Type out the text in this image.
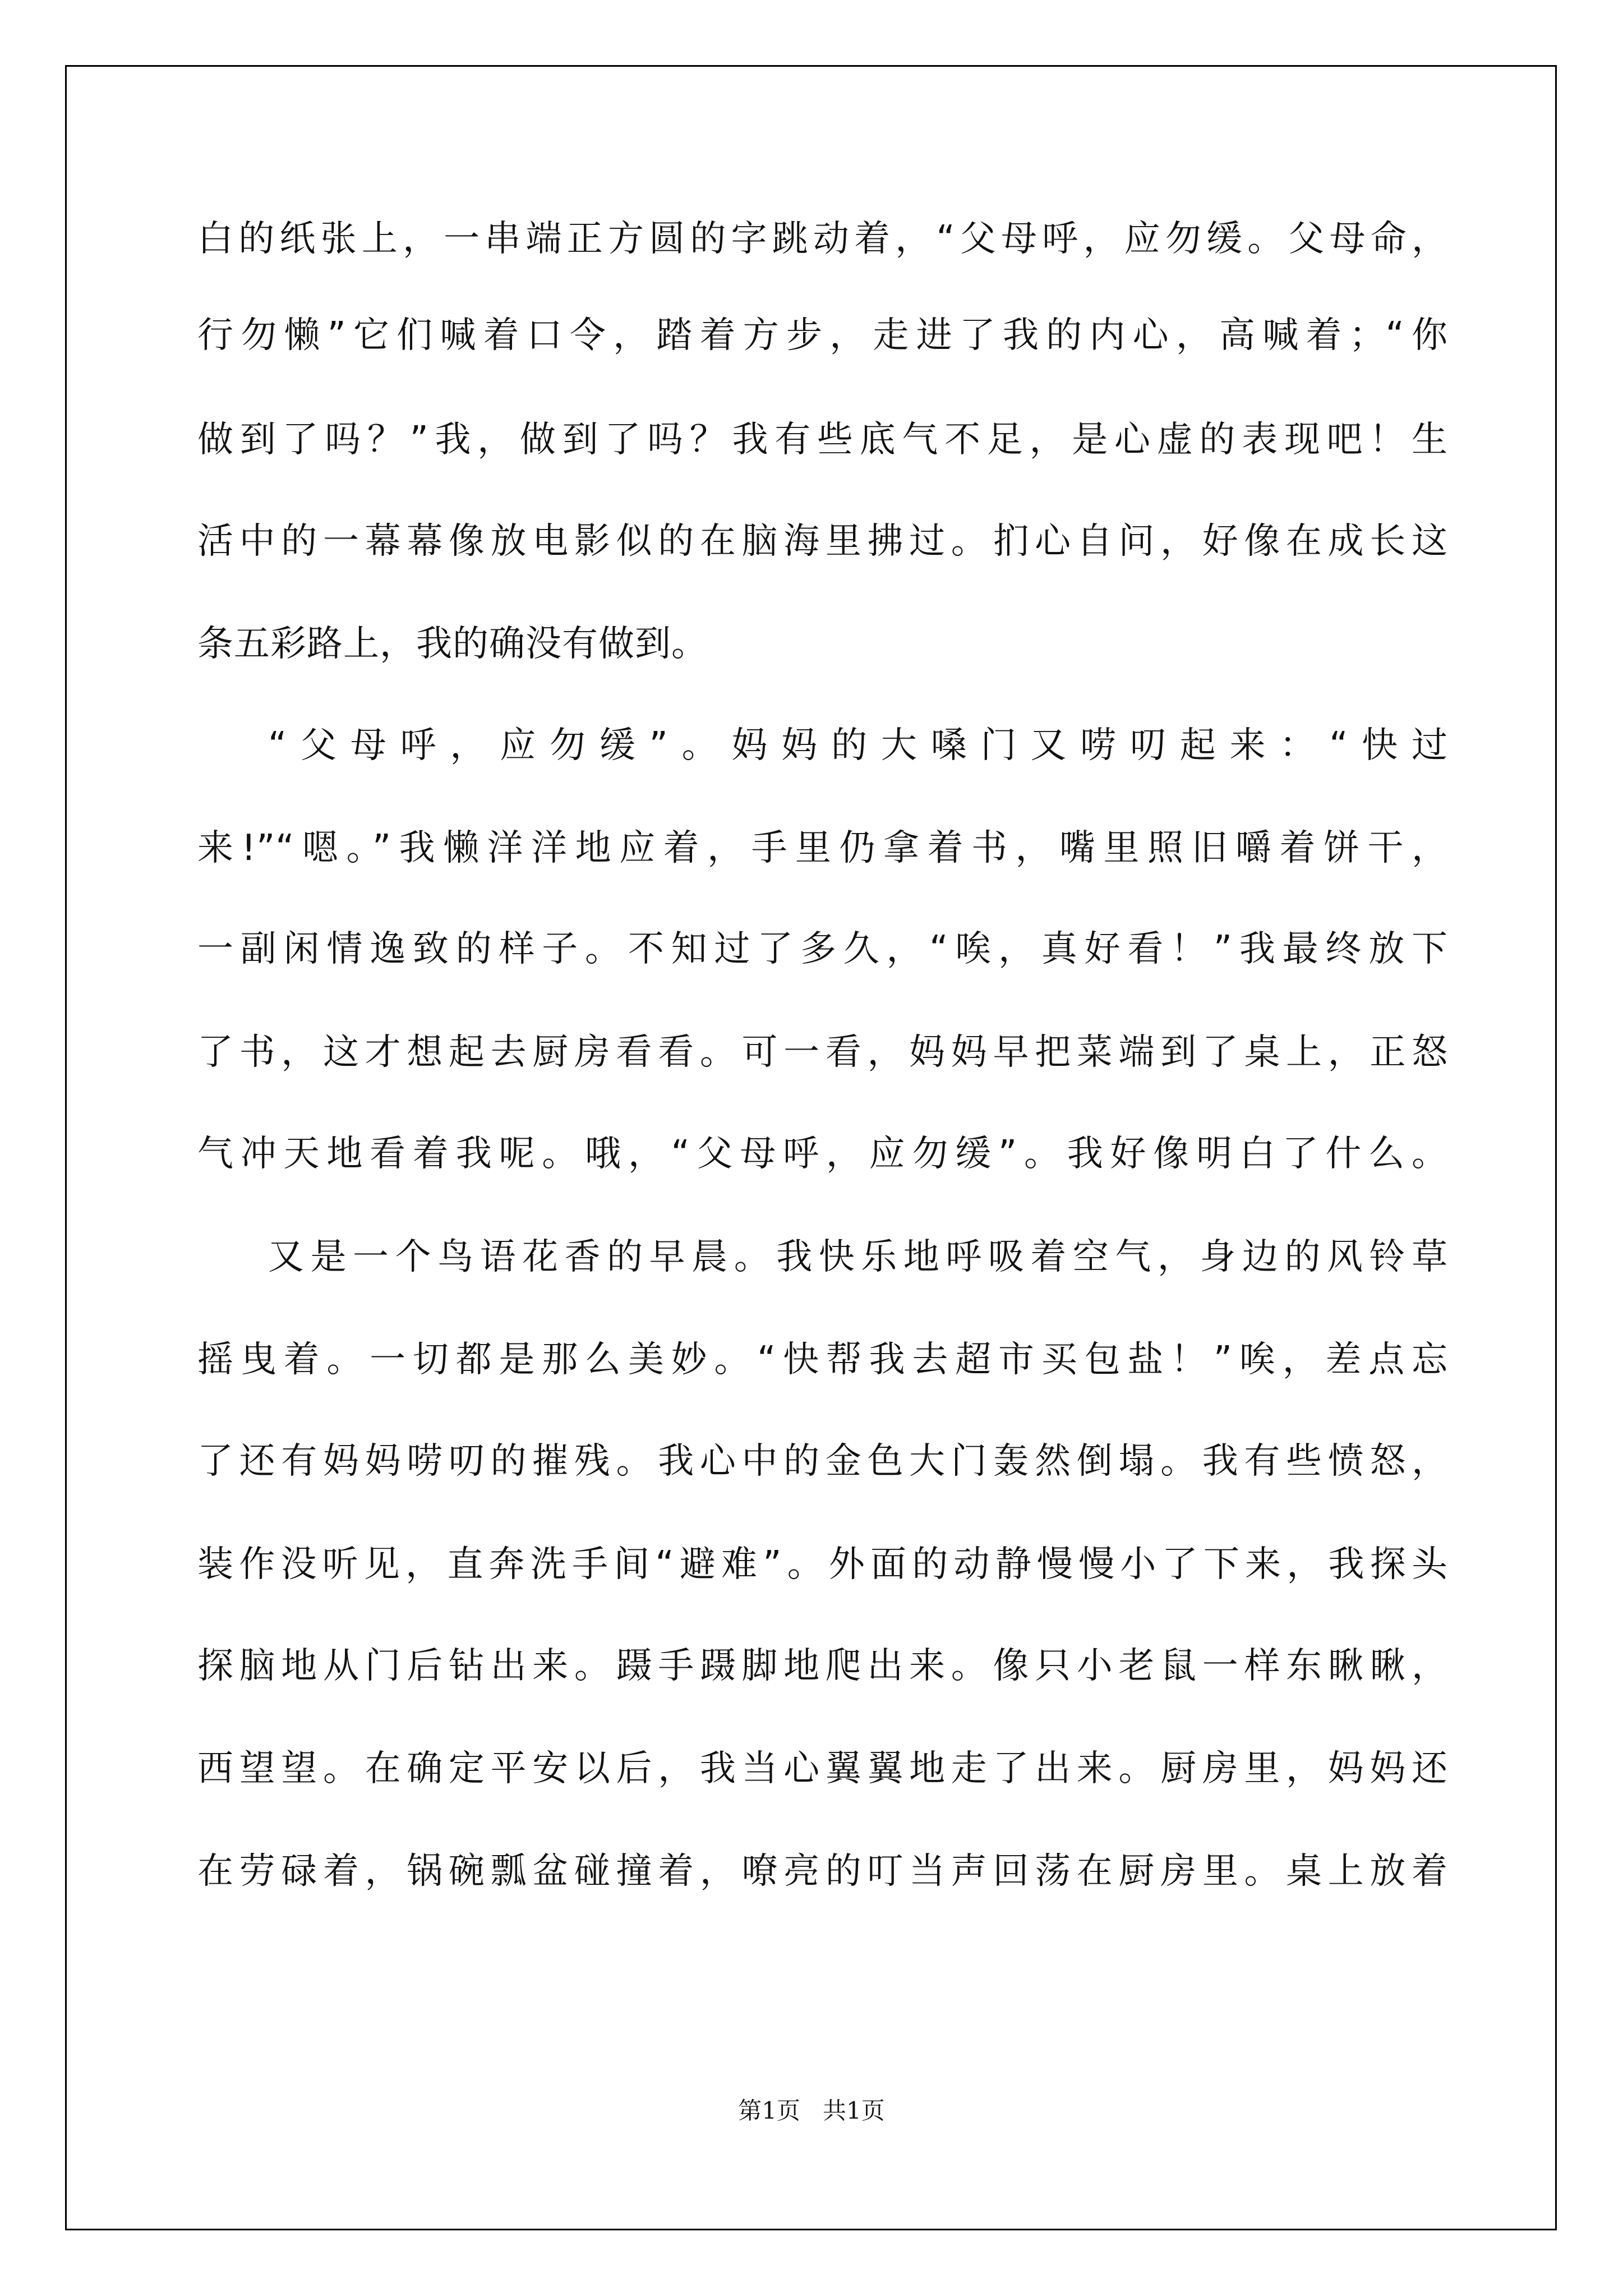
白的纸张上，一串端正方圆的字跳动着，“父母呼，应勿缓。父母命，
行勿懒”它们喊着口令，踏着方步，走进了我的内心，高喊着；“你
做到了吗？”我，做到了吗？我有些底气不足，是心虚的表现吧！生
活中的一幕幕像放电影似的在脑海里拂过。扪心自问，好像在成长这
条五彩路上，我的确没有做到。
“父母呼，应勿缓”。妈妈的大嗓门又唠叨起来：“快过
来!”“嗯。”我懒洋洋地应着，手里仍拿着书，嘴里照旧嚼着饼干，
一副闲情逸致的样子。不知过了多久，“唉，真好看！”我最终放下
了书，这才想起去厨房看看。可一看，妈妈早把菜端到了桌上，正怒
气冲天地看着我呢。哦，“父母呼，应勿缓”。我好像明白了什么。
又是一个鸟语花香的早晨。我快乐地呼吸着空气，身边的风铃草
摇曳着。一切都是那么美妙。“快帮我去超市买包盐！”唉，差点忘
了还有妈妈唠叨的摧残。我心中的金色大门轰然倒塌。我有些愤怒，
装作没听见，直奔洗手间“避难”。外面的动静慢慢小了下来，我探头
探脑地从门后钻出来。蹑手蹑脚地爬出来。像只小老鼠一样东瞅瞅，
西望望。在确定平安以后，我当心翼翼地走了出来。厨房里，妈妈还
在劳碌着，锅碗瓢盆碰撞着，嘹亮的叮当声回荡在厨房里。桌上放着
第1页   共1页
